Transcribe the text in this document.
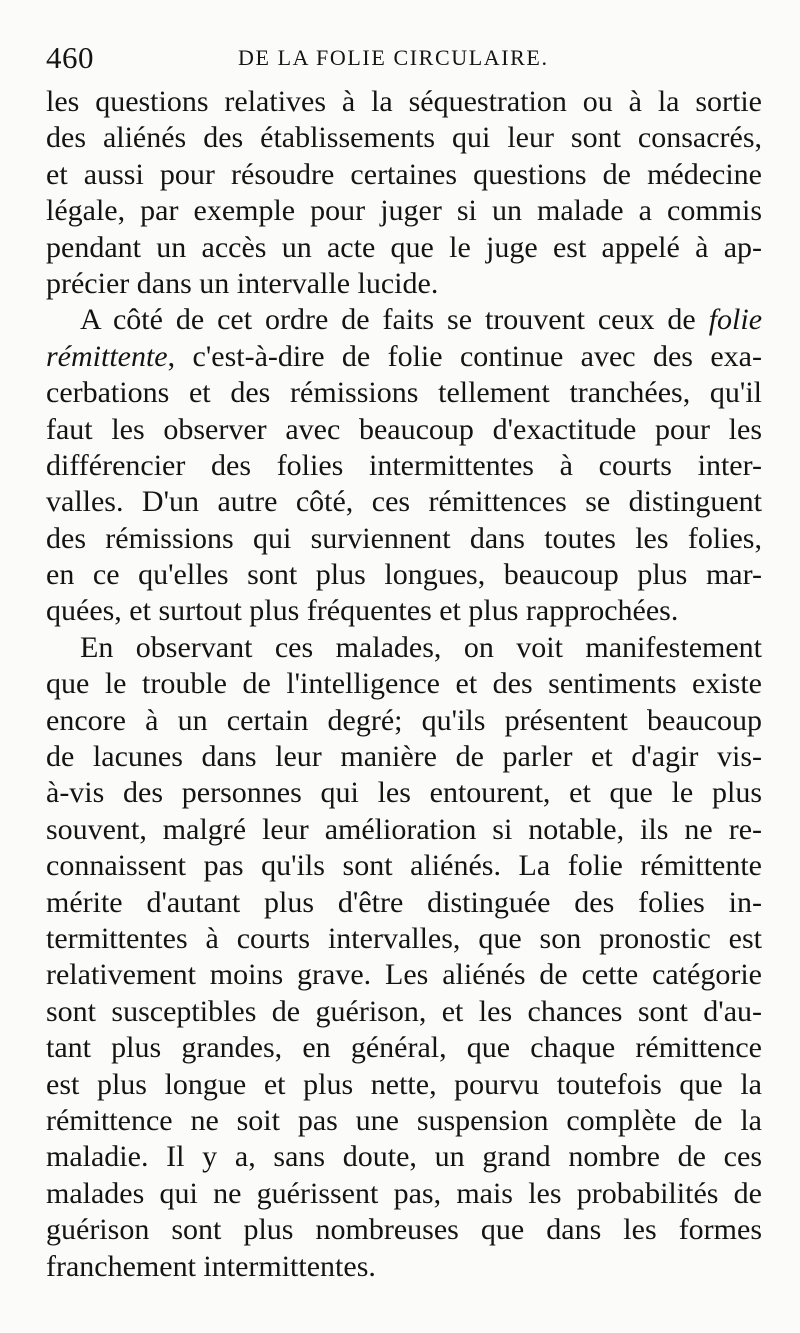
460	DE LA FOLIE CIRCULAIRE.
les questions relatives à la séquestration ou à la sortie
des aliénés des établissements qui leur sont consacrés,
et aussi pour résoudre certaines questions de médecine
légale, par exemple pour juger si un malade a commis
pendant un accès un acte que le juge est appelé à ap-
précier dans un intervalle lucide.
A côté de cet ordre de faits se trouvent ceux de folie
rémittente, c'est-à-dire de folie continue avec des exa-
cerbations et des rémissions tellement tranchées, qu'il
faut les observer avec beaucoup d'exactitude pour les
différencier des folies intermittentes à courts inter-
valles. D'un autre côté, ces rémittences se distinguent
des rémissions qui surviennent dans toutes les folies,
en ce qu'elles sont plus longues, beaucoup plus mar-
quées, et surtout plus fréquentes et plus rapprochées.
En observant ces malades, on voit manifestement
que le trouble de l'intelligence et des sentiments existe
encore à un certain degré; qu'ils présentent beaucoup
de lacunes dans leur manière de parler et d'agir vis-
à-vis des personnes qui les entourent, et que le plus
souvent, malgré leur amélioration si notable, ils ne re-
connaissent pas qu'ils sont aliénés. La folie rémittente
mérite d'autant plus d'être distinguée des folies in-
termittentes à courts intervalles, que son pronostic est
relativement moins grave. Les aliénés de cette catégorie
sont susceptibles de guérison, et les chances sont d'au-
tant plus grandes, en général, que chaque rémittence
est plus longue et plus nette, pourvu toutefois que la
rémittence ne soit pas une suspension complète de la
maladie. Il y a, sans doute, un grand nombre de ces
malades qui ne guérissent pas, mais les probabilités de
guérison sont plus nombreuses que dans les formes
franchement intermittentes.
